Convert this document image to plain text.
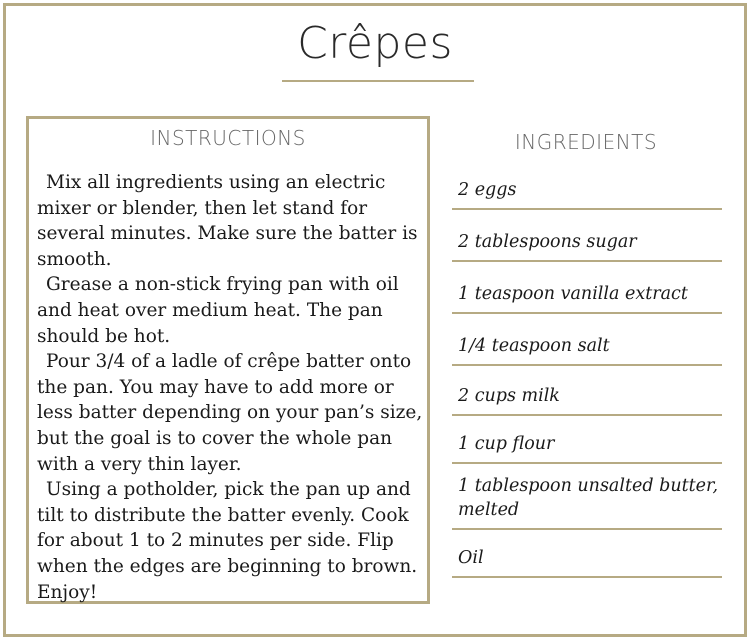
Crêpes
INSTRUCTIONS

Mix all ingredients using an electric mixer or blender, then let stand for several minutes. Make sure the batter is smooth.

Grease a non-stick frying pan with oil and heat over medium heat. The pan should be hot.

Pour 3/4 of a ladle of crêpe batter onto the pan. You may have to add more or less batter depending on your pan’s size, but the goal is to cover the whole pan with a very thin layer.

Using a potholder, pick the pan up and tilt to distribute the batter evenly. Cook for about 1 to 2 minutes per side. Flip when the edges are beginning to brown. Enjoy!

INGREDIENTS
2 eggs
2 tablespoons sugar
1 teaspoon vanilla extract
1/4 teaspoon salt
2 cups milk
1 cup flour
1 tablespoon unsalted butter, melted
Oil
